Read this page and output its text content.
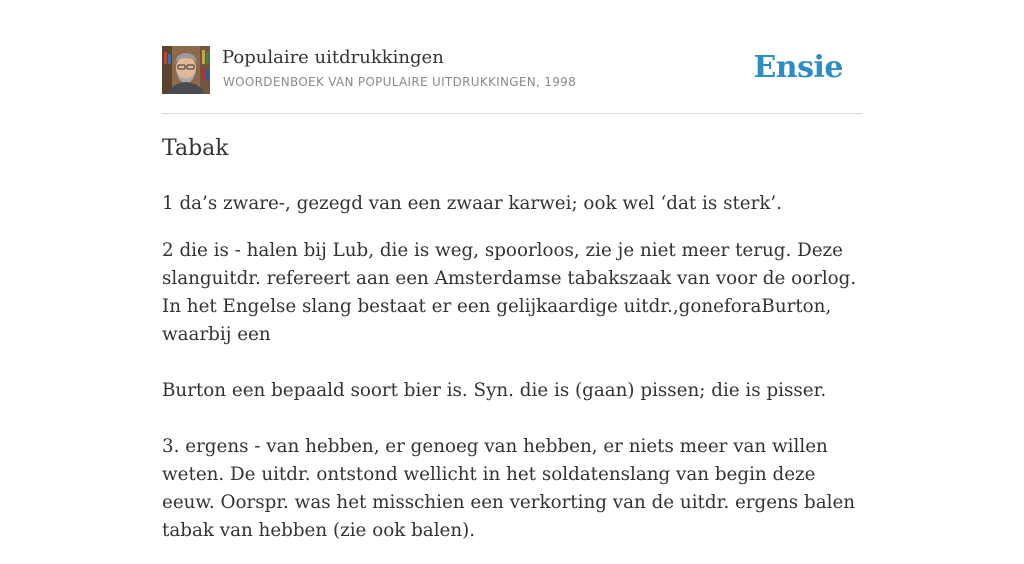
Populaire uitdrukkingen
WOORDENBOEK VAN POPULAIRE UITDRUKKINGEN, 1998	Ensie
Tabak

1 da’s zware-, gezegd van een zwaar karwei; ook wel ‘dat is sterk’.

2 die is - halen bij Lub, die is weg, spoorloos, zie je niet meer terug. Deze slanguitdr. refereert aan een Amsterdamse tabakszaak van voor de oorlog. In het Engelse slang bestaat er een gelijkaardige uitdr.,goneforaBurton, waarbij een

Burton een bepaald soort bier is. Syn. die is (gaan) pissen; die is pisser.

3. ergens - van hebben, er genoeg van hebben, er niets meer van willen weten. De uitdr. ontstond wellicht in het soldatenslang van begin deze eeuw. Oorspr. was het misschien een verkorting van de uitdr. ergens balen tabak van hebben (zie ook balen).
